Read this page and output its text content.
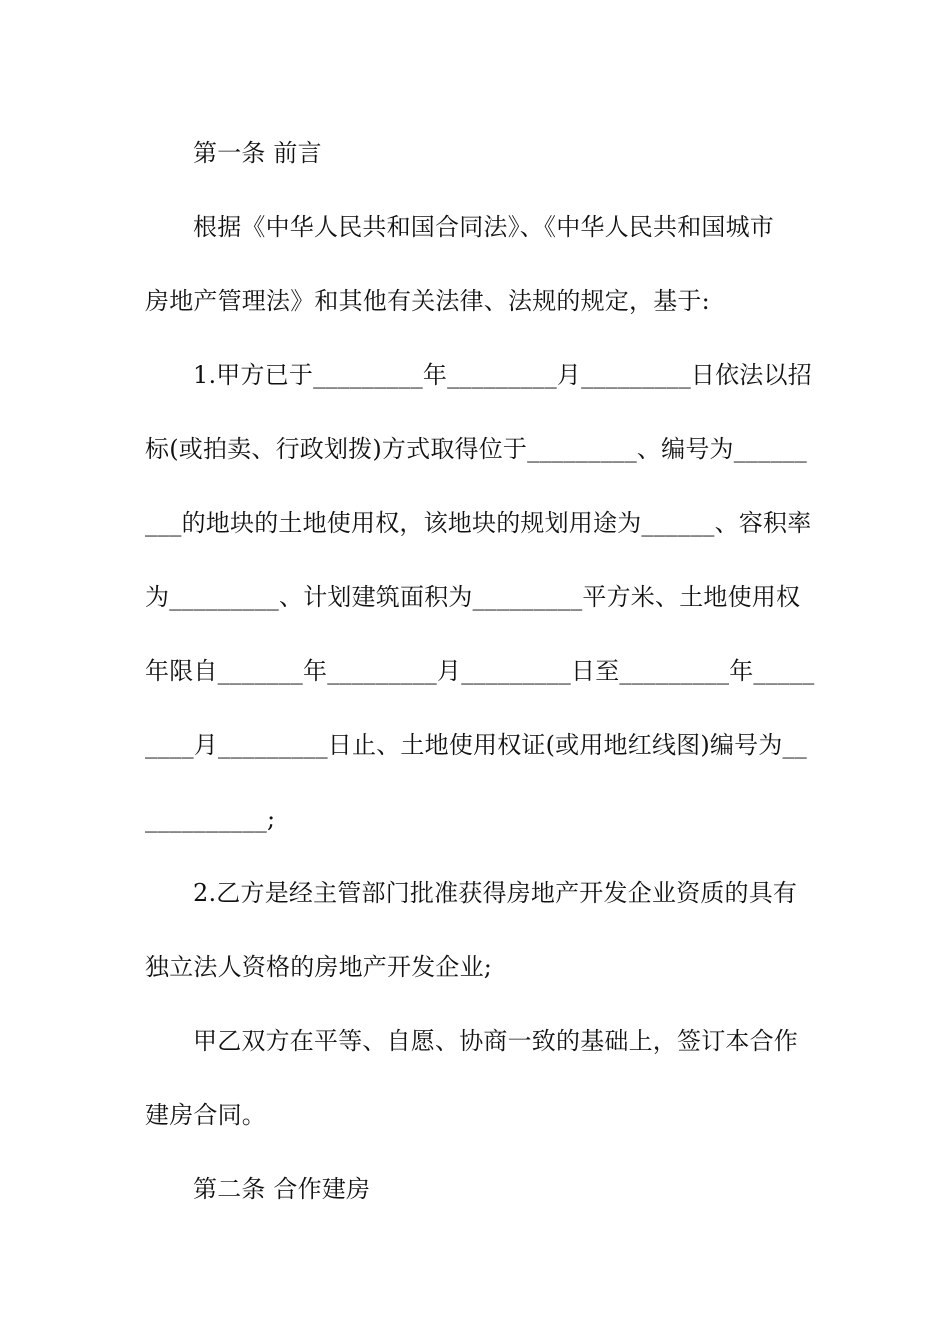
第一条 前言
根据《中华人民共和国合同法》、《中华人民共和国城市
房地产管理法》和其他有关法律、法规的规定，基于:
1.甲方已于_________年_________月_________日依法以招
标(或拍卖、行政划拨)方式取得位于_________、编号为______
___的地块的土地使用权，该地块的规划用途为______、容积率
为_________、计划建筑面积为_________平方米、土地使用权
年限自_______年_________月_________日至_________年_____
____月_________日止、土地使用权证(或用地红线图)编号为__
__________;
2.乙方是经主管部门批准获得房地产开发企业资质的具有
独立法人资格的房地产开发企业;
甲乙双方在平等、自愿、协商一致的基础上，签订本合作
建房合同。
第二条 合作建房
